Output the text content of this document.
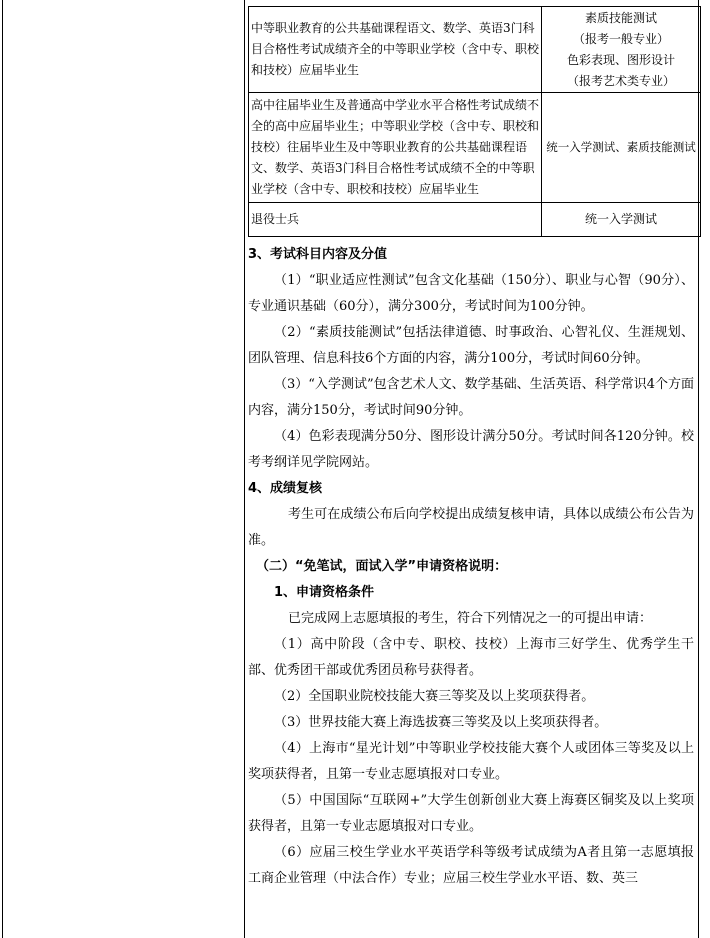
中等职业教育的公共基础课程语文、数学、英语3门科目合格性考试成绩齐全的中等职业学校（含中专、职校和技校）应届毕业生	素质技能测试
（报考一般专业）
色彩表现、图形设计
（报考艺术类专业）

高中往届毕业生及普通高中学业水平合格性考试成绩不全的高中应届毕业生；中等职业学校（含中专、职校和技校）往届毕业生及中等职业教育的公共基础课程语文、数学、英语3门科目合格性考试成绩不全的中等职业学校（含中专、职校和技校）应届毕业生	统一入学测试、素质技能测试

退役士兵	统一入学测试

3、考试科目内容及分值

（1）“职业适应性测试”包含文化基础（150分）、职业与心智（90分）、专业通识基础（60分），满分300分，考试时间为100分钟。

（2）“素质技能测试”包括法律道德、时事政治、心智礼仪、生涯规划、团队管理、信息科技6个方面的内容，满分100分，考试时间60分钟。

（3）“入学测试”包含艺术人文、数学基础、生活英语、科学常识4个方面内容，满分150分，考试时间90分钟。

（4）色彩表现满分50分、图形设计满分50分。考试时间各120分钟。校考考纲详见学院网站。

4、成绩复核

考生可在成绩公布后向学校提出成绩复核申请，具体以成绩公布公告为准。

（二）“免笔试，面试入学”申请资格说明：

1、申请资格条件

已完成网上志愿填报的考生，符合下列情况之一的可提出申请：

（1）高中阶段（含中专、职校、技校）上海市三好学生、优秀学生干部、优秀团干部或优秀团员称号获得者。

（2）全国职业院校技能大赛三等奖及以上奖项获得者。

（3）世界技能大赛上海选拔赛三等奖及以上奖项获得者。

（4）上海市“星光计划”中等职业学校技能大赛个人或团体三等奖及以上奖项获得者，且第一专业志愿填报对口专业。

（5）中国国际“互联网+”大学生创新创业大赛上海赛区铜奖及以上奖项获得者，且第一专业志愿填报对口专业。

（6）应届三校生学业水平英语学科等级考试成绩为A者且第一志愿填报工商企业管理（中法合作）专业；应届三校生学业水平语、数、英三
